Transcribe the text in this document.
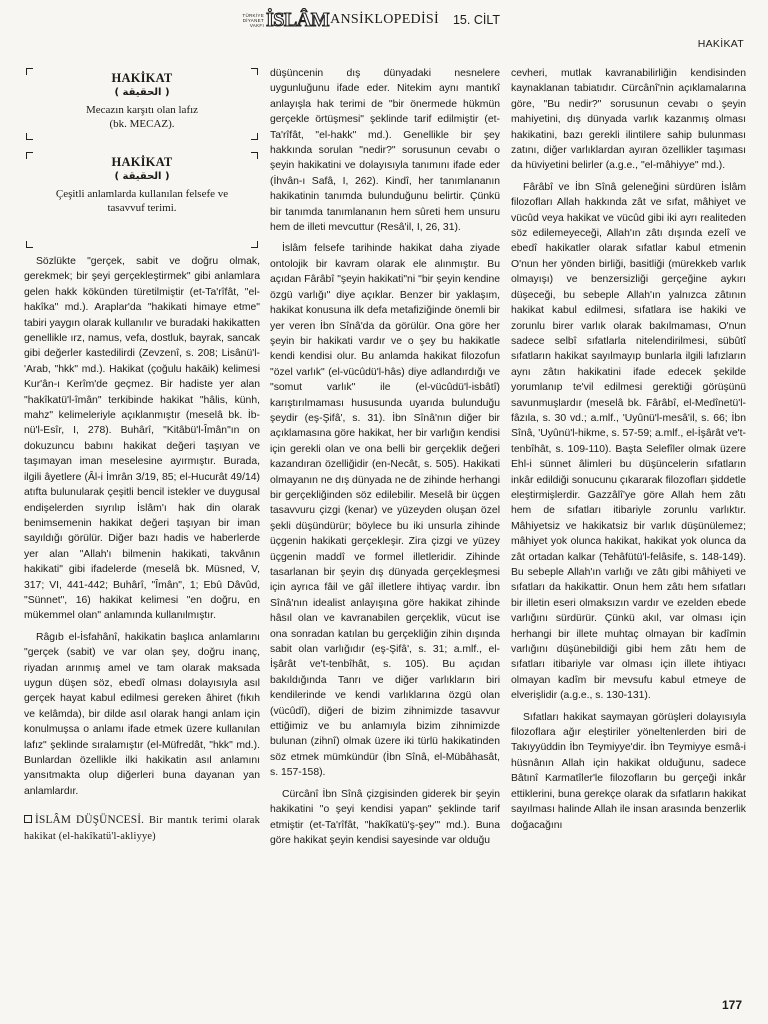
TÜRKİYE
DİYANET
VAKFI İSLÂM ANSİKLOPEDİSİ 15. CİLT
HAKİKAT
HAKİKAT
( الحقيقة )
Mecazın karşıtı olan lafız
(bk. MECAZ).
HAKİKAT
( الحقيقة )
Çeşitli anlamlarda kullanılan felsefe ve tasavvuf terimi.

Sözlükte "gerçek, sabit ve doğru olmak, gerekmek; bir şeyi gerçekleştirmek" gibi anlamlara gelen hakk kökünden türetilmiştir (et-Ta'rîfât, "el-hakîka" md.). Araplar'da "hakikati himaye etme" tabiri yaygın olarak kullanılır ve buradaki hakikatten genellikle ırz, namus, vefa, dostluk, bayrak, sancak gibi değerler kastedilirdi (Zevzenî, s. 208; Lisânü'l-'Arab, "hkk" md.). Hakikat (çoğulu hakāik) kelimesi Kur'ân-ı Kerîm'de geçmez. Bir hadiste yer alan "hakîkatü'l-îmân" terkibinde hakikat "hâlis, künh, mahz" kelimeleriyle açıklanmıştır (meselâ bk. İb-nü'l-Esîr, I, 278). Buhârî, "Kitâbü'l-Îmân"ın on dokuzuncu babını hakikat değeri taşıyan ve taşımayan iman meselesine ayırmıştır. Burada, ilgili âyetlere (Âl-i İmrân 3/19, 85; el-Hucurât 49/14) atıfta bulunularak çeşitli bencil istekler ve duygusal endişelerden sıyrılıp İslâm'ı hak din olarak benimsemenin hakikat değeri taşıyan bir iman sayıldığı görülür. Diğer bazı hadis ve haberlerde yer alan "Allah'ı bilmenin hakikati, takvânın hakikati" gibi ifadelerde (meselâ bk. Müsned, V, 317; VI, 441-442; Buhârî, "Îmân", 1; Ebû Dâvûd, "Sünnet", 16) hakikat kelimesi "en doğru, en mükemmel olan" anlamında kullanılmıştır.

Râgıb el-İsfahânî, hakikatin başlıca anlamlarını "gerçek (sabit) ve var olan şey, doğru inanç, riyadan arınmış amel ve tam olarak maksada uygun düşen söz, ebedî olması dolayısıyla asıl gerçek hayat kabul edilmesi gereken âhiret (fıkıh ve kelâmda), bir dilde asıl olarak hangi anlam için konulmuşsa o anlamı ifade etmek üzere kullanılan lafız" şeklinde sıralamıştır (el-Müfredât, "hkk" md.). Bunlardan özellikle ilki hakikatin asıl anlamını yansıtmakta olup diğerleri buna dayanan yan anlamlardır.

İSLÂM DÜŞÜNCESİ. Bir mantık terimi olarak hakikat (el-hakîkatü'l-akliyye)

düşüncenin dış dünyadaki nesnelere uygunluğunu ifade eder. Nitekim aynı mantıkî anlayışla hak terimi de "bir önermede hükmün gerçekle örtüşmesi" şeklinde tarif edilmiştir (et-Ta'rîfât, "el-hakk" md.). Genellikle bir şey hakkında sorulan "nedir?" sorusunun cevabı o şeyin hakikatini ve dolayısıyla tanımını ifade eder (İhvân-ı Safâ, I, 262). Kindî, her tanımlananın hakikatinin tanımda bulunduğunu belirtir. Çünkü bir tanımda tanımlananın hem sûreti hem unsuru hem de illeti mevcuttur (Resâ'il, I, 26, 31).

İslâm felsefe tarihinde hakikat daha ziyade ontolojik bir kavram olarak ele alınmıştır. Bu açıdan Fârâbî "şeyin hakikati"ni "bir şeyin kendine özgü varlığı" diye açıklar. Benzer bir yaklaşım, hakikat konusuna ilk defa metafiziğinde önemli bir yer veren İbn Sînâ'da da görülür. Ona göre her şeyin bir hakikati vardır ve o şey bu hakikatle kendi kendisi olur. Bu anlamda hakikat filozofun "özel varlık" (el-vücûdü'l-hâs) diye adlandırdığı ve "somut varlık" ile (el-vücûdü'l-isbâtî) karıştırılmaması hususunda uyarıda bulunduğu şeydir (eş-Şifâ', s. 31). İbn Sînâ'nın diğer bir açıklamasına göre hakikat, her bir varlığın kendisi için gerekli olan ve ona belli bir gerçeklik değeri kazandıran özelliğidir (en-Necât, s. 505). Hakikati olmayanın ne dış dünyada ne de zihinde herhangi bir gerçekliğinden söz edilebilir. Meselâ bir üçgen tasavvuru çizgi (kenar) ve yüzeyden oluşan özel şekli düşündürür; böylece bu iki unsurla zihinde üçgenin hakikati gerçekleşir. Zira çizgi ve yüzey üçgenin maddî ve formel illetleridir. Zihinde tasarlanan bir şeyin dış dünyada gerçekleşmesi için ayrıca fâil ve gâî illetlere ihtiyaç vardır. İbn Sînâ'nın idealist anlayışına göre hakikat zihinde hâsıl olan ve kavranabilen gerçeklik, vücut ise ona sonradan katılan bu gerçekliğin zihin dışında sabit olan varlığıdır (eş-Şifâ', s. 31; a.mlf., el-İşârât ve't-tenbîhât, s. 105). Bu açıdan bakıldığında Tanrı ve diğer varlıkların biri kendilerinde ve kendi varlıklarına özgü olan (vücûdî), diğeri de bizim zihnimizde tasavvur ettiğimiz ve bu anlamıyla bizim zihnimizde bulunan (zihnî) olmak üzere iki türlü hakikatinden söz etmek mümkündür (İbn Sînâ, el-Mübâhasât, s. 157-158).

Cürcânî İbn Sînâ çizgisinden giderek bir şeyin hakikatini "o şeyi kendisi yapan" şeklinde tarif etmiştir (et-Ta'rîfât, "hakîkatü'ş-şey'" md.). Buna göre hakikat şeyin kendisi sayesinde var olduğu

cevheri, mutlak kavranabilirliğin kendisinden kaynaklanan tabiatıdır. Cürcânî'nin açıklamalarına göre, "Bu nedir?" sorusunun cevabı o şeyin mahiyetini, dış dünyada varlık kazanmış olması hakikatini, bazı gerekli ilintilere sahip bulunması zatını, diğer varlıklardan ayıran özellikler taşıması da hüviyetini belirler (a.g.e., "el-mâhiyye" md.).

Fârâbî ve İbn Sînâ geleneğini sürdüren İslâm filozofları Allah hakkında zât ve sıfat, mâhiyet ve vücûd veya hakikat ve vücûd gibi iki ayrı realiteden söz edilemeyeceği, Allah'ın zâtı dışında ezelî ve ebedî hakikatler olarak sıfatlar kabul etmenin O'nun her yönden birliği, basitliği (mürekkeb varlık olmayışı) ve benzersizliği gerçeğine aykırı düşeceği, bu sebeple Allah'ın yalnızca zâtının hakikat kabul edilmesi, sıfatlara ise hakiki ve zorunlu birer varlık olarak bakılmaması, O'nun sadece selbî sıfatlarla nitelendirilmesi, sübûtî sıfatların hakikat sayılmayıp bunlarla ilgili lafızların aynı zâtın hakikatini ifade edecek şekilde yorumlanıp te'vil edilmesi gerektiği görüşünü savunmuşlardır (meselâ bk. Fârâbî, el-Medînetü'l-fâzıla, s. 30 vd.; a.mlf., 'Uyûnü'l-mesâ'il, s. 66; İbn Sînâ, 'Uyûnü'l-hikme, s. 57-59; a.mlf., el-İşârât ve't-tenbîhât, s. 109-110). Başta Selefîler olmak üzere Ehl-i sünnet âlimleri bu düşüncelerin sıfatların inkâr edildiği sonucunu çıkararak filozofları şiddetle eleştirmişlerdir. Gazzâlî'ye göre Allah hem zâtı hem de sıfatları itibariyle zorunlu varlıktır. Mâhiyetsiz ve hakikatsiz bir varlık düşünülemez; mâhiyet yok olunca hakikat, hakikat yok olunca da zât ortadan kalkar (Tehâfütü'l-felâsife, s. 148-149). Bu sebeple Allah'ın varlığı ve zâtı gibi mâhiyeti ve sıfatları da hakikattir. Onun hem zâtı hem sıfatları bir illetin eseri olmaksızın vardır ve ezelden ebede varlığını sürdürür. Çünkü akıl, var olması için herhangi bir illete muhtaç olmayan bir kadîmin varlığını düşünebildiği gibi hem zâtı hem de sıfatları itibariyle var olması için illete ihtiyacı olmayan kadîm bir mevsufu kabul etmeye de elverişlidir (a.g.e., s. 130-131).

Sıfatları hakikat saymayan görüşleri dolayısıyla filozoflara ağır eleştiriler yöneltenlerden biri de Takıyyüddin İbn Teymiyye'dir. İbn Teymiyye esmâ-i hüsnânın Allah için hakikat olduğunu, sadece Bâtınî Karmatîler'le filozofların bu gerçeği inkâr ettiklerini, buna gerekçe olarak da sıfatların hakikat sayılması halinde Allah ile insan arasında benzerlik doğacağını

177
